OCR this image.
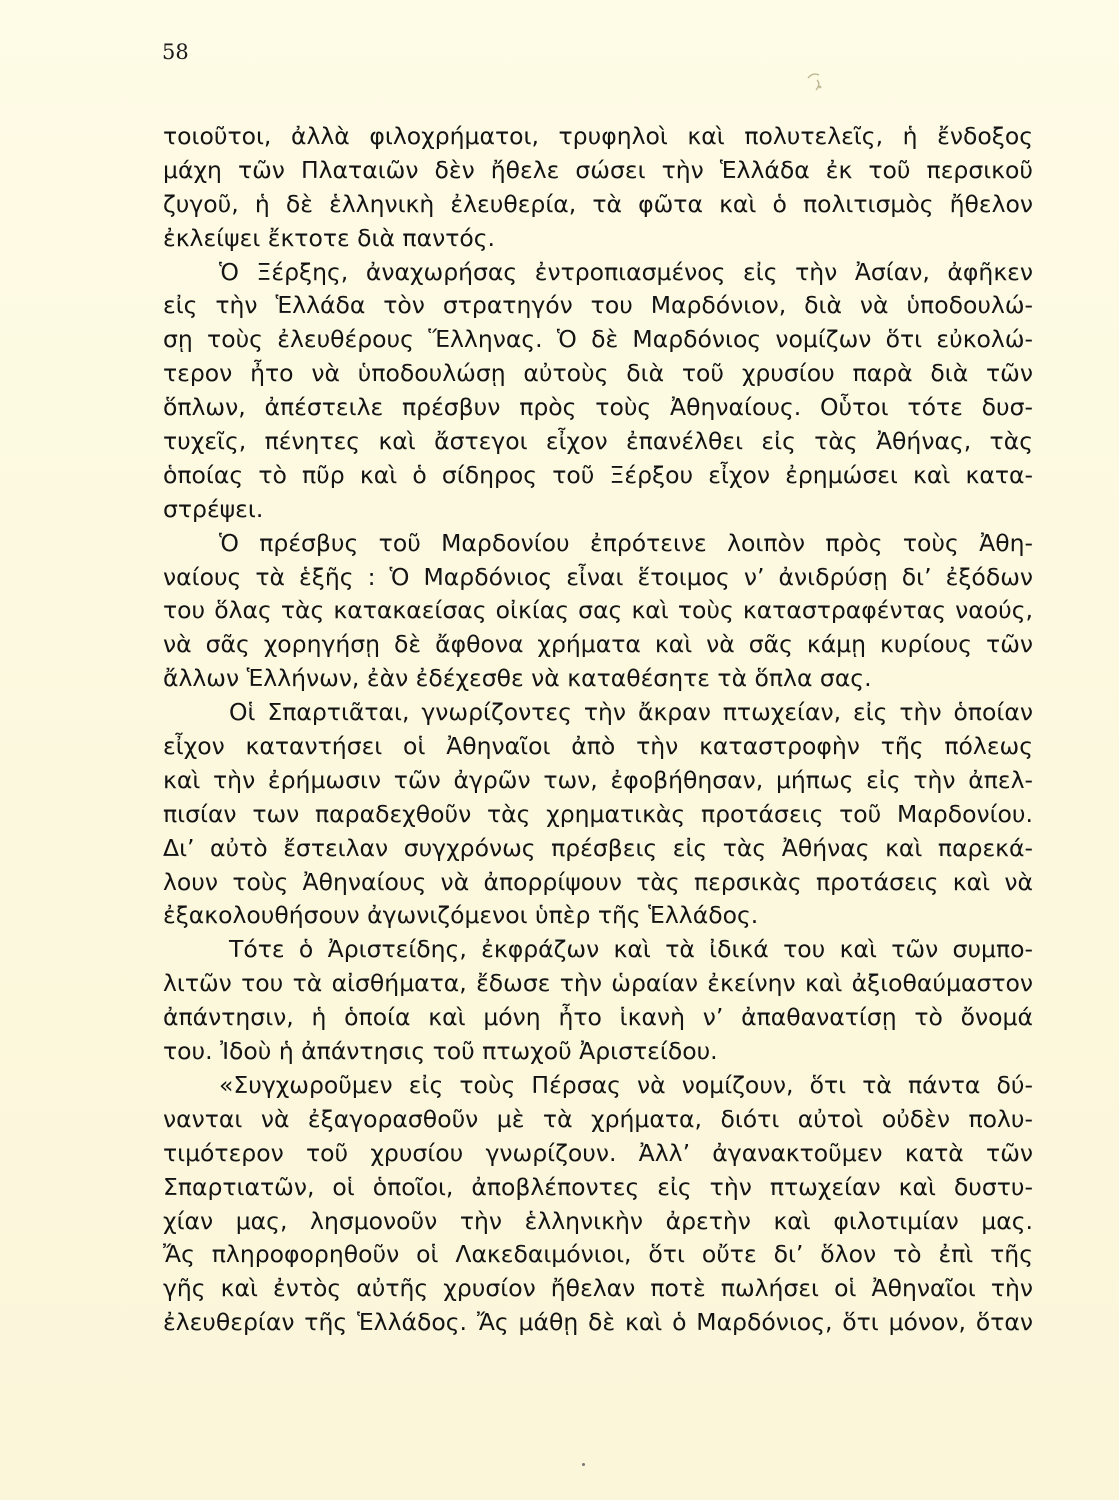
58
τοιοῦτοι, ἀλλὰ φιλοχρήματοι, τρυφηλοὶ καὶ πολυτελεῖς, ἡ ἔνδοξος
μάχη τῶν Πλαταιῶν δὲν ἤθελε σώσει τὴν Ἑλλάδα ἐκ τοῦ περσικοῦ
ζυγοῦ, ἡ δὲ ἑλληνικὴ ἐλευθερία, τὰ φῶτα καὶ ὁ πολιτισμὸς ἤθελον
ἐκλείψει ἔκτοτε διὰ παντός.
Ὁ Ξέρξης, ἀναχωρήσας ἐντροπιασμένος εἰς τὴν Ἀσίαν, ἀφῆκεν
εἰς τὴν Ἑλλάδα τὸν στρατηγόν του Μαρδόνιον, διὰ νὰ ὑποδουλώ-
σῃ τοὺς ἐλευθέρους Ἕλληνας. Ὁ δὲ Μαρδόνιος νομίζων ὅτι εὐκολώ-
τερον ἦτο νὰ ὑποδουλώσῃ αὐτοὺς διὰ τοῦ χρυσίου παρὰ διὰ τῶν
ὅπλων, ἀπέστειλε πρέσβυν πρὸς τοὺς Ἀθηναίους. Οὗτοι τότε δυσ-
τυχεῖς, πένητες καὶ ἄστεγοι εἶχον ἐπανέλθει εἰς τὰς Ἀθήνας, τὰς
ὁποίας τὸ πῦρ καὶ ὁ σίδηρος τοῦ Ξέρξου εἶχον ἐρημώσει καὶ κατα-
στρέψει.
Ὁ πρέσβυς τοῦ Μαρδονίου ἐπρότεινε λοιπὸν πρὸς τοὺς Ἀθη-
ναίους τὰ ἑξῆς : Ὁ Μαρδόνιος εἶναι ἕτοιμος ν’ ἀνιδρύσῃ δι’ ἐξόδων
του ὅλας τὰς κατακαείσας οἰκίας σας καὶ τοὺς καταστραφέντας ναούς,
νὰ σᾶς χορηγήσῃ δὲ ἄφθονα χρήματα καὶ νὰ σᾶς κάμῃ κυρίους τῶν
ἄλλων Ἑλλήνων, ἐὰν ἐδέχεσθε νὰ καταθέσητε τὰ ὅπλα σας.
Οἱ Σπαρτιᾶται, γνωρίζοντες τὴν ἄκραν πτωχείαν, εἰς τὴν ὁποίαν
εἶχον καταντήσει οἱ Ἀθηναῖοι ἀπὸ τὴν καταστροφὴν τῆς πόλεως
καὶ τὴν ἐρήμωσιν τῶν ἀγρῶν των, ἐφοβήθησαν, μήπως εἰς τὴν ἀπελ-
πισίαν των παραδεχθοῦν τὰς χρηματικὰς προτάσεις τοῦ Μαρδονίου.
Δι’ αὐτὸ ἔστειλαν συγχρόνως πρέσβεις εἰς τὰς Ἀθήνας καὶ παρεκά-
λουν τοὺς Ἀθηναίους νὰ ἀπορρίψουν τὰς περσικὰς προτάσεις καὶ νὰ
ἐξακολουθήσουν ἀγωνιζόμενοι ὑπὲρ τῆς Ἑλλάδος.
Τότε ὁ Ἀριστείδης, ἐκφράζων καὶ τὰ ἰδικά του καὶ τῶν συμπο-
λιτῶν του τὰ αἰσθήματα, ἔδωσε τὴν ὡραίαν ἐκείνην καὶ ἀξιοθαύμαστον
ἀπάντησιν, ἡ ὁποία καὶ μόνη ἦτο ἱκανὴ ν’ ἀπαθανατίσῃ τὸ ὄνομά
του. Ἰδοὺ ἡ ἀπάντησις τοῦ πτωχοῦ Ἀριστείδου.
«Συγχωροῦμεν εἰς τοὺς Πέρσας νὰ νομίζουν, ὅτι τὰ πάντα δύ-
νανται νὰ ἐξαγορασθοῦν μὲ τὰ χρήματα, διότι αὐτοὶ οὐδὲν πολυ-
τιμότερον τοῦ χρυσίου γνωρίζουν. Ἀλλ’ ἀγανακτοῦμεν κατὰ τῶν
Σπαρτιατῶν, οἱ ὁποῖοι, ἀποβλέποντες εἰς τὴν πτωχείαν καὶ δυστυ-
χίαν μας, λησμονοῦν τὴν ἑλληνικὴν ἀρετὴν καὶ φιλοτιμίαν μας.
Ἄς πληροφορηθοῦν οἱ Λακεδαιμόνιοι, ὅτι οὔτε δι’ ὅλον τὸ ἐπὶ τῆς
γῆς καὶ ἐντὸς αὐτῆς χρυσίον ἤθελαν ποτὲ πωλήσει οἱ Ἀθηναῖοι τὴν
ἐλευθερίαν τῆς Ἑλλάδος. Ἄς μάθῃ δὲ καὶ ὁ Μαρδόνιος, ὅτι μόνον, ὅταν
